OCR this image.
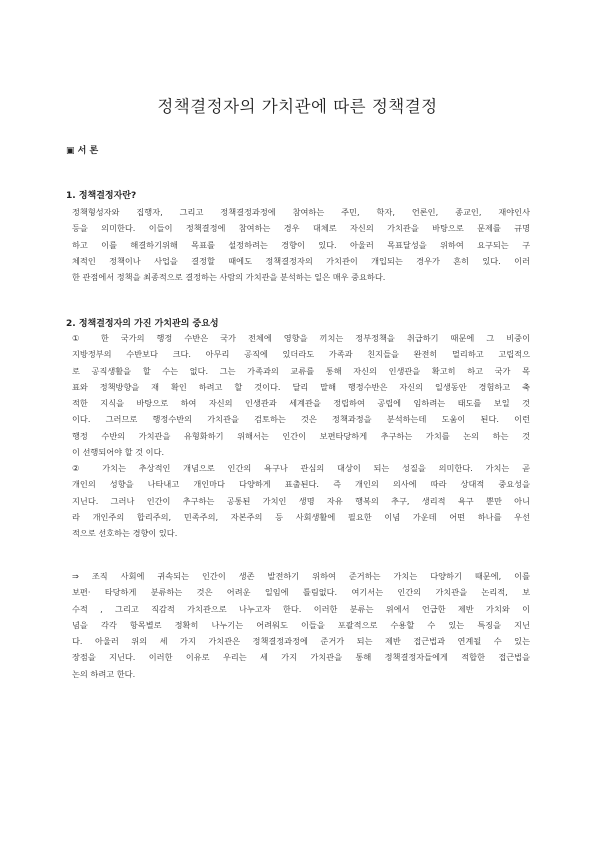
정책결정자의 가치관에 따른 정책결정
▣ 서 론
1. 정책결정자란?
정책형성자와 집행자, 그리고 정책결정과정에 참여하는 주민, 학자, 언론인, 종교인, 재야인사
등을 의미한다. 이들이 정책결정에 참여하는 경우 대체로 자신의 가치관을 바탕으로 문제를 규명
하고 이를 해결하기위해 목표를 설정하려는 경향이 있다. 아울러 목표달성을 위하여 요구되는 구
체적인 정책이나 사업을 결정할 때에도 정책결정자의 가치관이 개입되는 경우가 흔히 있다. 이러
한 관점에서 정책을 최종적으로 결정하는 사람의 가치관을 분석하는 일은 매우 중요하다.
2. 정책결정자의 가진 가치관의 중요성
① 한 국가의 행정 수반은 국가 전체에 영향을 끼치는 정부정책을 취급하기 때문에 그 비중이
지방정부의 수반보다 크다. 아무리 공직에 있더라도 가족과 친지들을 완전히 멀리하고 고립적으
로 공직생활을 할 수는 없다. 그는 가족과의 교류를 통해 자신의 인생관을 확고히 하고 국가 목
표와 정책방향을 재 확인 하려고 할 것이다. 달리 말해 행정수반은 자신의 일생동안 경험하고 축
적한 지식을 바탕으로 하여 자신의 인생관과 세계관을 정립하여 공립에 임하려는 태도를 보일 것
이다. 그러므로 행정수반의 가치관을 검토하는 것은 정책과정을 분석하는데 도움이 된다. 이런
행정 수반의 가치관을 유형화하기 위해서는 인간이 보편타당하게 추구하는 가치를 논의 하는 것
이 선행되어야 할 것 이다.
② 가치는 추상적인 개념으로 인간의 욕구나 관심의 대상이 되는 성질을 의미한다. 가치는 곧
개인의 성향을 나타내고 개인마다 다양하게 표출된다. 즉 개인의 의사에 따라 상대적 중요성을
지닌다. 그러나 인간이 추구하는 공통된 가치인 생명 자유 행복의 추구, 생리적 욕구 뿐만 아니
라 개인주의 합리주의, 민족주의, 자본주의 등 사회생활에 필요한 이념 가운데 어떤 하나를 우선
적으로 선호하는 경향이 있다.
⇒ 조직 사회에 귀속되는 인간이 생존 발전하기 위하여 준거하는 가치는 다양하기 때문에, 이를
보편· 타당하게 분류하는 것은 어려운 일임에 틀림없다. 여기서는 인간의 가치관을 논리적, 보
수적 , 그리고 직감적 가치관으로 나누고자 한다. 이러한 분류는 위에서 언급한 제반 가치와 이
념을 각각 항목별로 정확히 나누기는 어려워도 이들을 포괄적으로 수용할 수 있는 특징을 지닌
다. 아울러 위의 세 가지 가치관은 정책결정과정에 준거가 되는 제반 접근법과 연계될 수 있는
장점을 지닌다. 이러한 이유로 우리는 세 가지 가치관을 통해 정책결정자들에게 적합한 접근법을
논의 하려고 한다.
